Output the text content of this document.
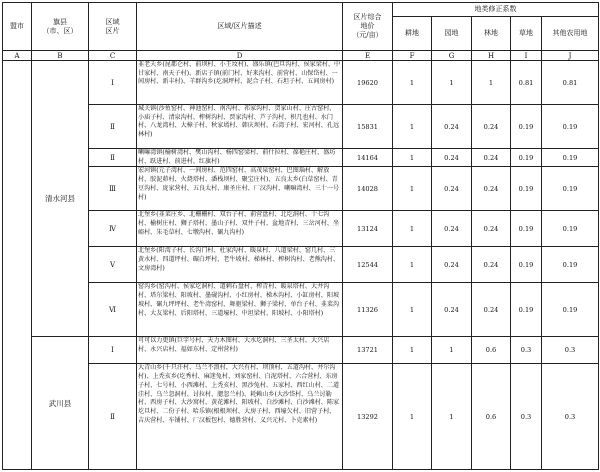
盟市	旗县
（市、区）	区域
区片	区域/区片描述	区片综合
地价
（元/亩）	地类修正系数				
					耕地	园地	林地	草地	其他农用地
A	B	C	D	E	F	G	H	I	J
	清水河县	Ⅰ	韭老夭乡(昆都仑村、前坝村、小王坟村)、盛乐镇(巴旦沟村、侯家梁村、中甘家村、南天子村)、新店子镇(前门村、好来沟村、前营村、山保岱村、一间房村、新丰村)、羊群沟乡(圪洞坪村、泥合子村、石坦子村、五间房村)	19620	1	1	1	0.81	0.81
		Ⅱ	城关镇(沙鱼窑村、神池窑村、南沟村、祁家沟村、贺家山村、庄古窑村、小庙子村、清泉沟村、榨树沟村、贾家沟村、芦子沟村、枳几也村、水门村、八龙湾村、大樟子村、秋家墕村、韩庆坝村、石湾子村、宏河村、孔远林村)	15831	1	0.24	0.24	0.19	0.19
		Ⅱ	喇嘛湾镇(榆树湾村、樊山沟村、杨四窑梁村、前什拉村、葆艳庄村、盛坊村、跃进村、前进村、红旗村)	14164	1	0.24	0.24	0.19	0.19
		Ⅲ	宏河镇(元子湾村、一间房村、范四窑村、高茂泉窑村、巴图瑙村、解放村、胶泥茆村、火烧塔村、潘栈坝村、聚宝庄村)、五良太乡(白草窑村、青豆沟村、庞家营村、五良太村、康圣庄村、厂汉沟村、喇嘛湾村、三十一号村)	14028	1	0.24	0.24	0.19	0.19
		Ⅳ	北堡乡(韭菜庄乡、北栅栅村、双台子村、前营盘村、北圪洞村、十七沟村、榆树庄村、狮子塔村、墨山子村、双井子村、盆地青村、三岔河村、坐峪村、朱毛草村、七墩沟村、碾九沟村)	13124	1	0.24	0.24	0.19	0.19
		Ⅴ	北堡乡(阳湾子村、长沟门村、杜家沟村、暖泉村、八道梁村、窑几村、三黄水村、四道坪村、碾白坪村、老牛坡村、梯林村、榨树沟村、老熊沟村、文房湾村)	12544	1	0.24	0.24	0.19	0.19
		Ⅵ	窑沟乡(窑沟村、侯家圪洞村、道刺石盘村、榨青村、暖泉塔村、大井沟村、塔尔梁村、阳坡村、墨砚沟村、小红房村、梯木沟村、小缸房村、阳坡坡村、碾九坪坪村、老牛湾窑村、舞驱梁村、狮子梁村、单台子村、韭菜沟村、大友梁村、后阳塔村、三道壕村、中坦梁村、阳坡村、小阳塔村)	11326	1	0.24	0.24	0.19	0.19
	武川县	Ⅰ	可可以力更镇(巨字号村、天力木图村、大水圪洞村、三圣太村、大兴店村、永兴店村、福如东村、定州营村)	13721	1	1	0.6	0.3	0.3
		Ⅱ	大青山乡(千只汗村、乌兰不浪村、大兴有村、坝顶村、五道沟村、井尔沟村)、上秃亥乡(圪秀村、麻迷兔村、刘家窑村、白泥塔村、六合营村、东房子村、七号村、小西滩村、上秃亥村、黑沙兔村、五家村、西红山村、二道洼村、乌兰忽洞村、讨拉村、腮忽兰村)、耗赖山乡(大沙岱村、乌兰讨勒村、西房子村、大沙窝村、黄花滩村、阳坡村、白沙滩村、白沙滩村、陈家圪旦村、二份子村、哈乐镇(根根坝村、大房子村、西壕欠村、旧营子村、吉庆营村、车铺村、厂汉板包村、德胜营村、义兴元村、卜克素村)	13292	1	1	0.6	0.3	0.3
